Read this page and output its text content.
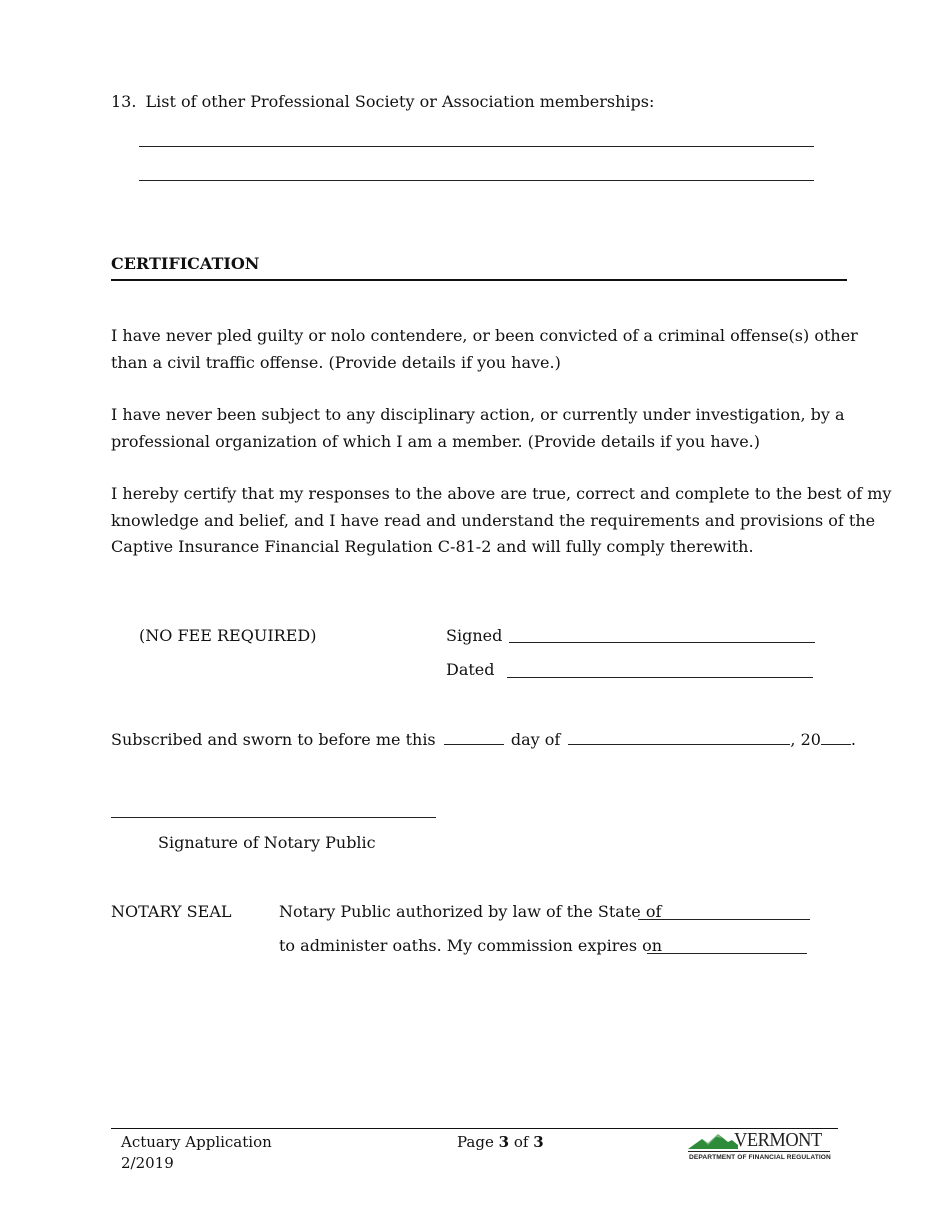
13. List of other Professional Society or Association memberships:
CERTIFICATION
I have never pled guilty or nolo contendere, or been convicted of a criminal offense(s) other
than a civil traffic offense. (Provide details if you have.)
I have never been subject to any disciplinary action, or currently under investigation, by a
professional organization of which I am a member. (Provide details if you have.)
I hereby certify that my responses to the above are true, correct and complete to the best of my
knowledge and belief, and I have read and understand the requirements and provisions of the
Captive Insurance Financial Regulation C-81-2 and will fully comply therewith.
(NO FEE REQUIRED)	Signed
Dated
Subscribed and sworn to before me this	day of	, 20 .
Signature of Notary Public
NOTARY SEAL	Notary Public authorized by law of the State of
to administer oaths. My commission expires on
Actuary Application
2/2019
Page 3 of 3	VERMONT
DEPARTMENT OF FINANCIAL REGULATION
